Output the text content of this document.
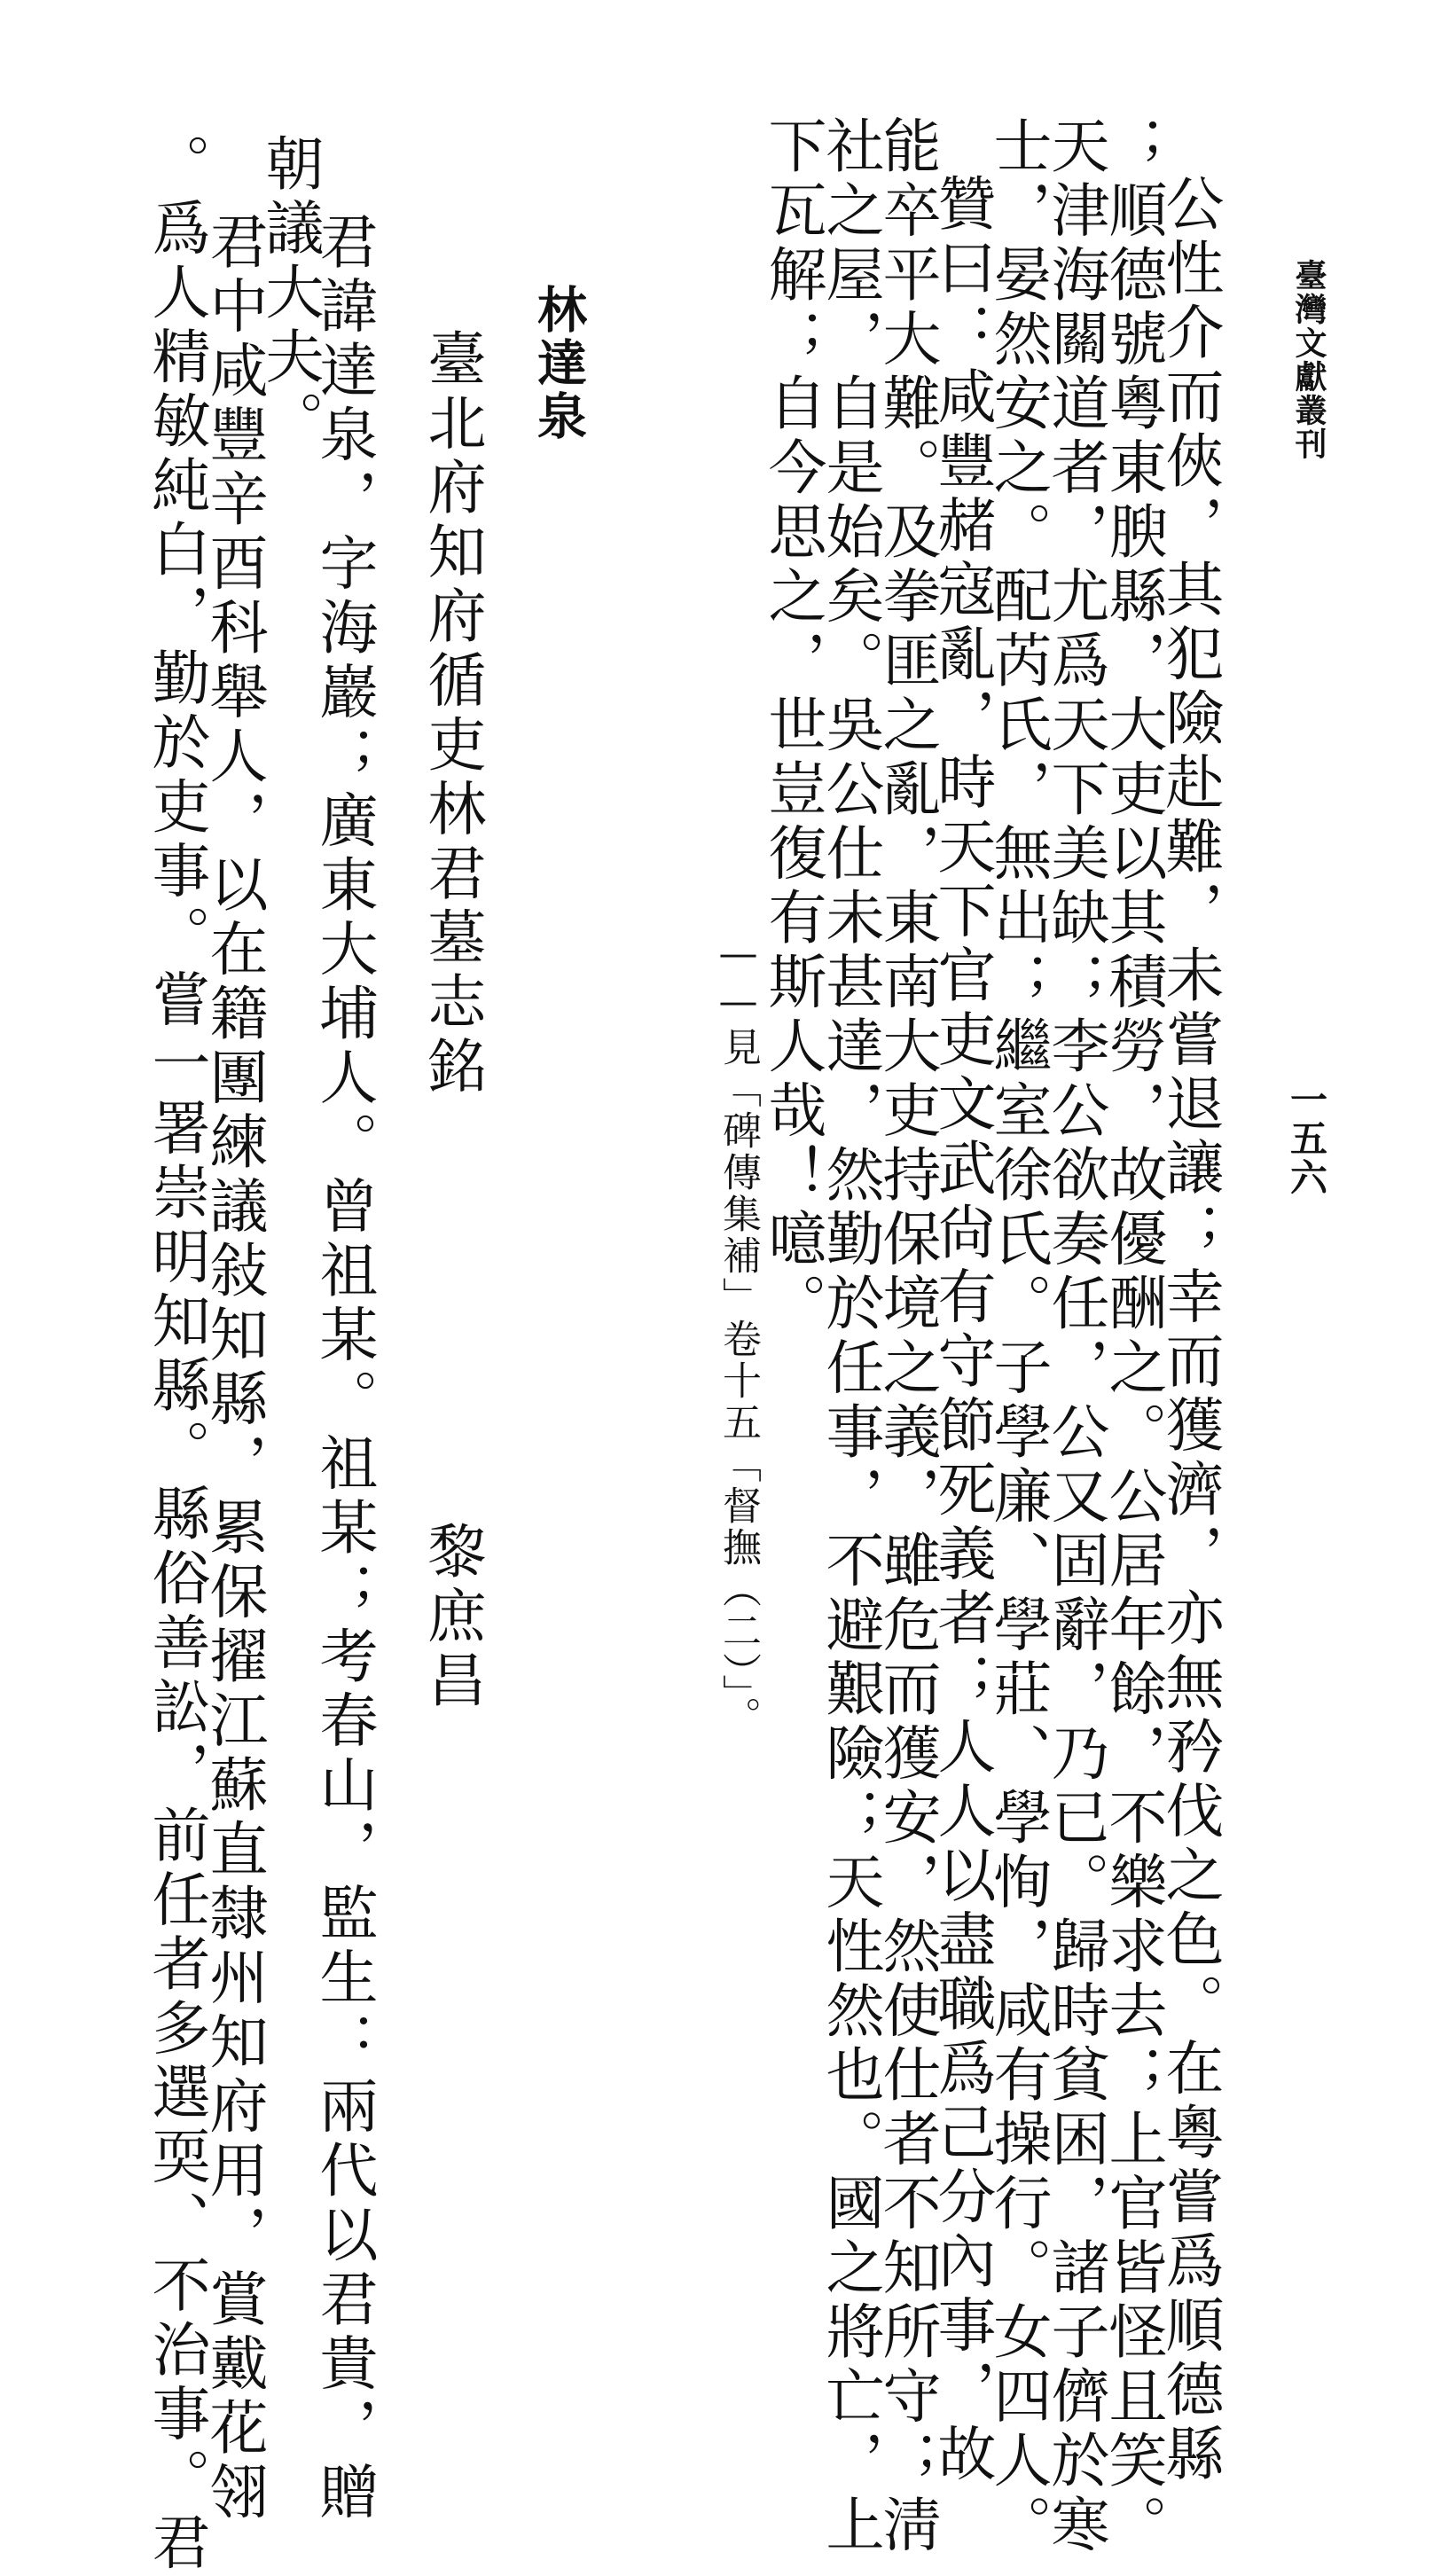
臺灣文獻叢刊
一五六
公性介而俠，其犯險赴難，未嘗退讓；幸而獲濟，亦無矜伐之色。在粵嘗爲順德縣
；順德號粵東腴縣，大吏以其積勞，故優酬之。公居年餘，不樂求去；上官皆怪且笑。
天津海關道者，尤爲天下美缺；李公欲奏任，公又固辭，乃已。歸時貧困，諸子儕於寒
士，晏然安之。配芮氏，無出；繼室徐氏。子學廉、學莊、學恂，咸有操行。女四人。
贊曰：咸豐赭寇亂，時天下官吏文武尙有守節死義者；人人以盡職爲己分內事，故
能卒平大難。及拳匪之亂，東南大吏持保境之義，雖危而獲安，然使仕者不知所守；淸
社之屋，自是始矣。吳公仕未甚達，然勤於任事，不避艱險；天性然也。國之將亡，上
下瓦解；自今思之，世豈復有斯人哉！噫。
——見「碑傳集補」卷十五「督撫（二）」。
林達泉
臺北府知府循吏林君墓志銘
黎庶昌
君諱達泉，字海巖；廣東大埔人。曾祖某。祖某；考春山，監生：兩代以君貴，贈
朝議大夫。
君中咸豐辛酉科舉人，以在籍團練議敍知縣，累保擢江蘇直隸州知府用，賞戴花翎
。爲人精敏純白，勤於吏事。嘗一署崇明知縣。縣俗善訟，前任者多選耎、不治事。君
